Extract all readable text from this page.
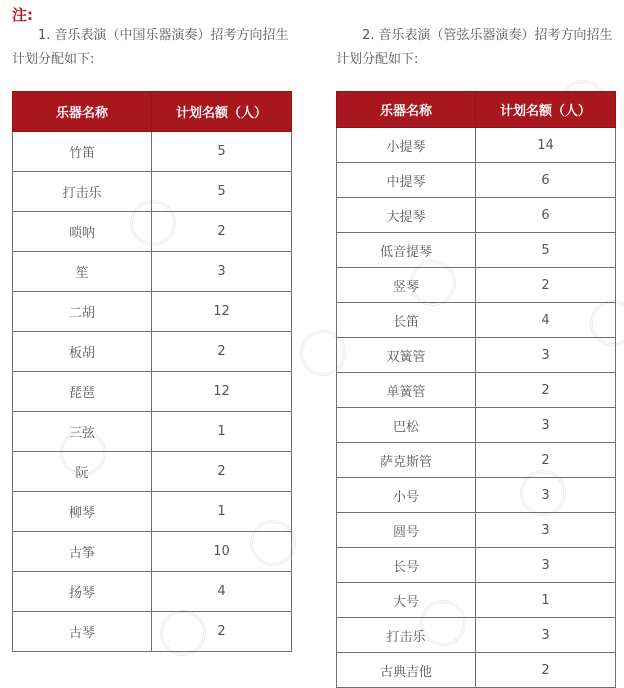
注:
1. 音乐表演（中国乐器演奏）招考方向招生
计划分配如下:
2. 音乐表演（管弦乐器演奏）招考方向招生
计划分配如下:
乐器名称	计划名额（人）
竹笛	5
打击乐	5
唢呐	2
笙	3
二胡	12
板胡	2
琵琶	12
三弦	1
阮	2
柳琴	1
古筝	10
扬琴	4
古琴	2
乐器名称	计划名额（人）
小提琴	14
中提琴	6
大提琴	6
低音提琴	5
竖琴	2
长笛	4
双簧管	3
单簧管	2
巴松	3
萨克斯管	2
小号	3
圆号	3
长号	3
大号	1
打击乐	3
古典吉他	2
